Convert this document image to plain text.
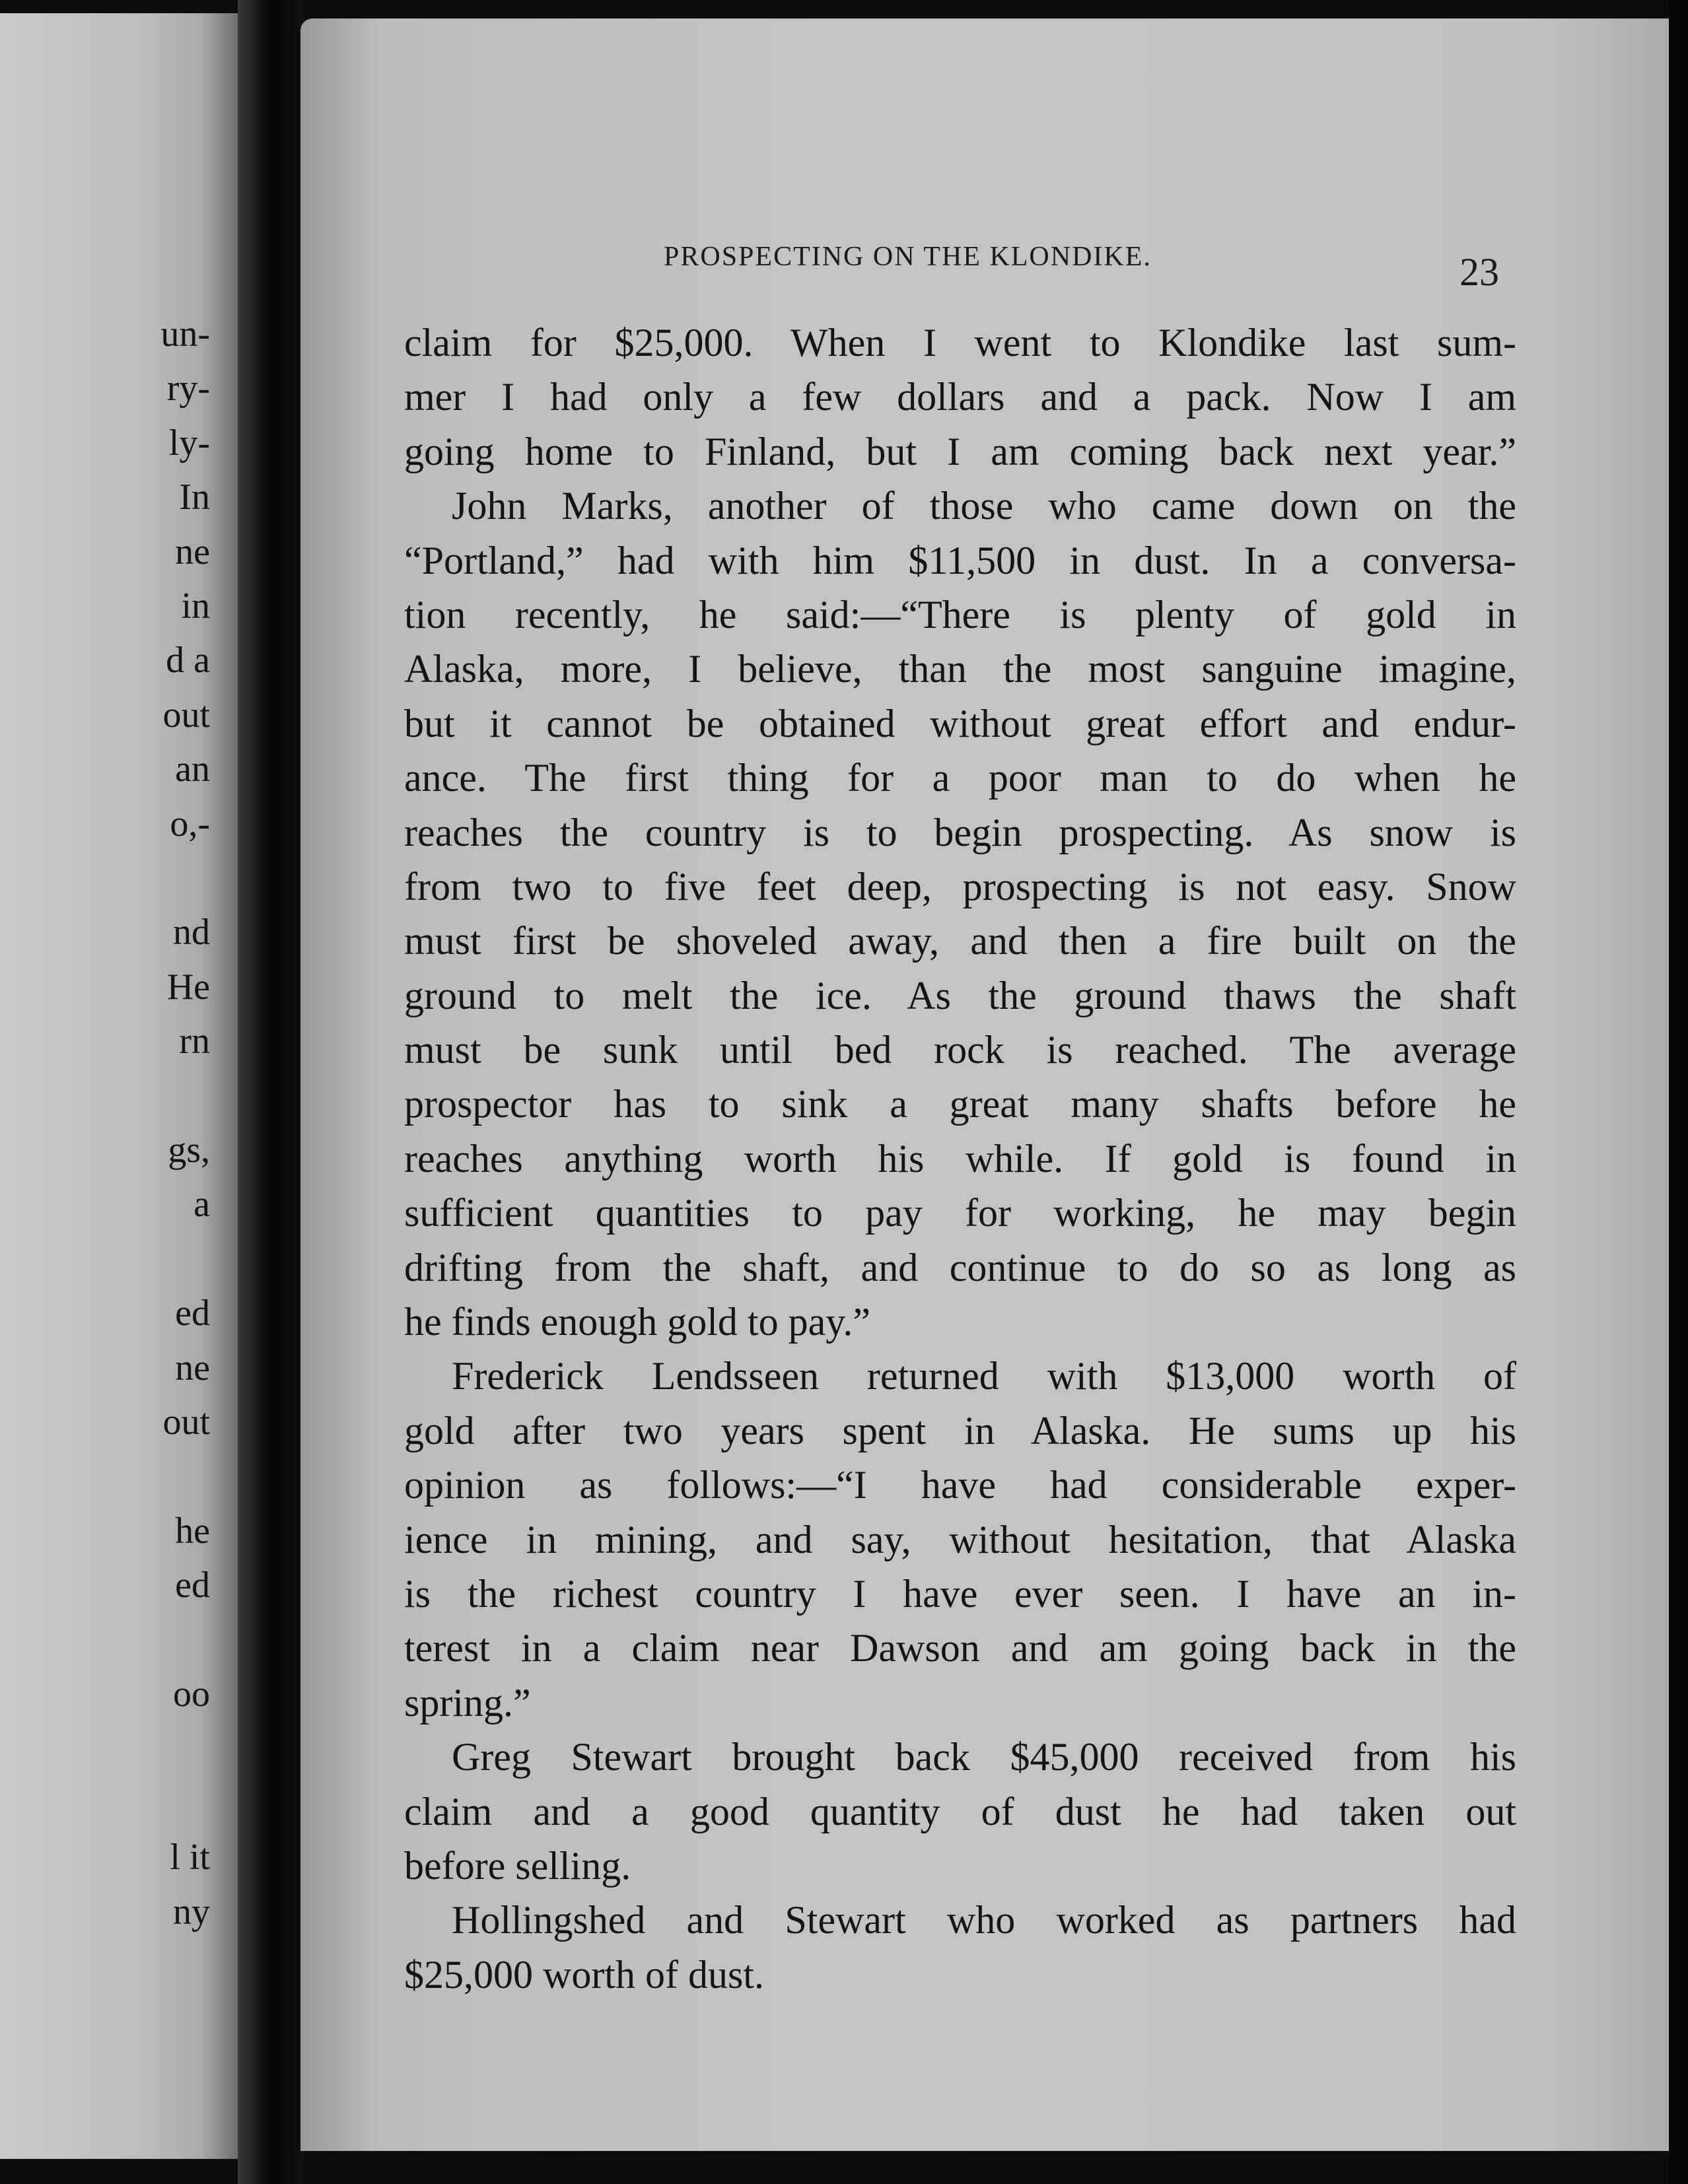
un-
ry-
ly-
In
ne
in
d a
out
an
o,-
nd
He
rn
gs,
a
ed
ne
out
he
ed
oo
l it
ny
PROSPECTING ON THE KLONDIKE.	23
claim for $25,000. When I went to Klondike last sum-
mer I had only a few dollars and a pack. Now I am
going home to Finland, but I am coming back next year.”
John Marks, another of those who came down on the
“Portland,” had with him $11,500 in dust. In a conversa-
tion recently, he said:—“There is plenty of gold in
Alaska, more, I believe, than the most sanguine imagine,
but it cannot be obtained without great effort and endur-
ance. The first thing for a poor man to do when he
reaches the country is to begin prospecting. As snow is
from two to five feet deep, prospecting is not easy. Snow
must first be shoveled away, and then a fire built on the
ground to melt the ice. As the ground thaws the shaft
must be sunk until bed rock is reached. The average
prospector has to sink a great many shafts before he
reaches anything worth his while. If gold is found in
sufficient quantities to pay for working, he may begin
drifting from the shaft, and continue to do so as long as
he finds enough gold to pay.”
Frederick Lendsseen returned with $13,000 worth of
gold after two years spent in Alaska. He sums up his
opinion as follows:—“I have had considerable exper-
ience in mining, and say, without hesitation, that Alaska
is the richest country I have ever seen. I have an in-
terest in a claim near Dawson and am going back in the
spring.”
Greg Stewart brought back $45,000 received from his
claim and a good quantity of dust he had taken out
before selling.
Hollingshed and Stewart who worked as partners had
$25,000 worth of dust.
